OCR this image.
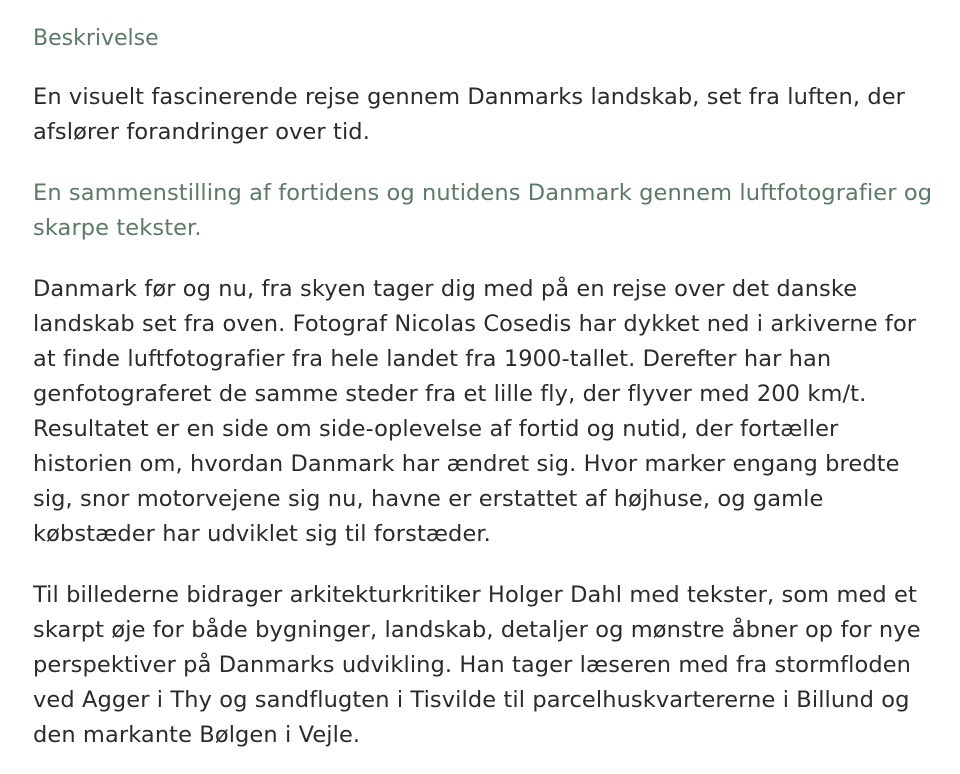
Beskrivelse

En visuelt fascinerende rejse gennem Danmarks landskab, set fra luften, der afslører forandringer over tid.

En sammenstilling af fortidens og nutidens Danmark gennem luftfotografier og skarpe tekster.

Danmark før og nu, fra skyen tager dig med på en rejse over det danske landskab set fra oven. Fotograf Nicolas Cosedis har dykket ned i arkiverne for at finde luftfotografier fra hele landet fra 1900-tallet. Derefter har han genfotograferet de samme steder fra et lille fly, der flyver med 200 km/t. Resultatet er en side om side-oplevelse af fortid og nutid, der fortæller historien om, hvordan Danmark har ændret sig. Hvor marker engang bredte sig, snor motorvejene sig nu, havne er erstattet af højhuse, og gamle købstæder har udviklet sig til forstæder.

Til billederne bidrager arkitekturkritiker Holger Dahl med tekster, som med et skarpt øje for både bygninger, landskab, detaljer og mønstre åbner op for nye perspektiver på Danmarks udvikling. Han tager læseren med fra stormfloden ved Agger i Thy og sandflugten i Tisvilde til parcelhuskvartererne i Billund og den markante Bølgen i Vejle.
